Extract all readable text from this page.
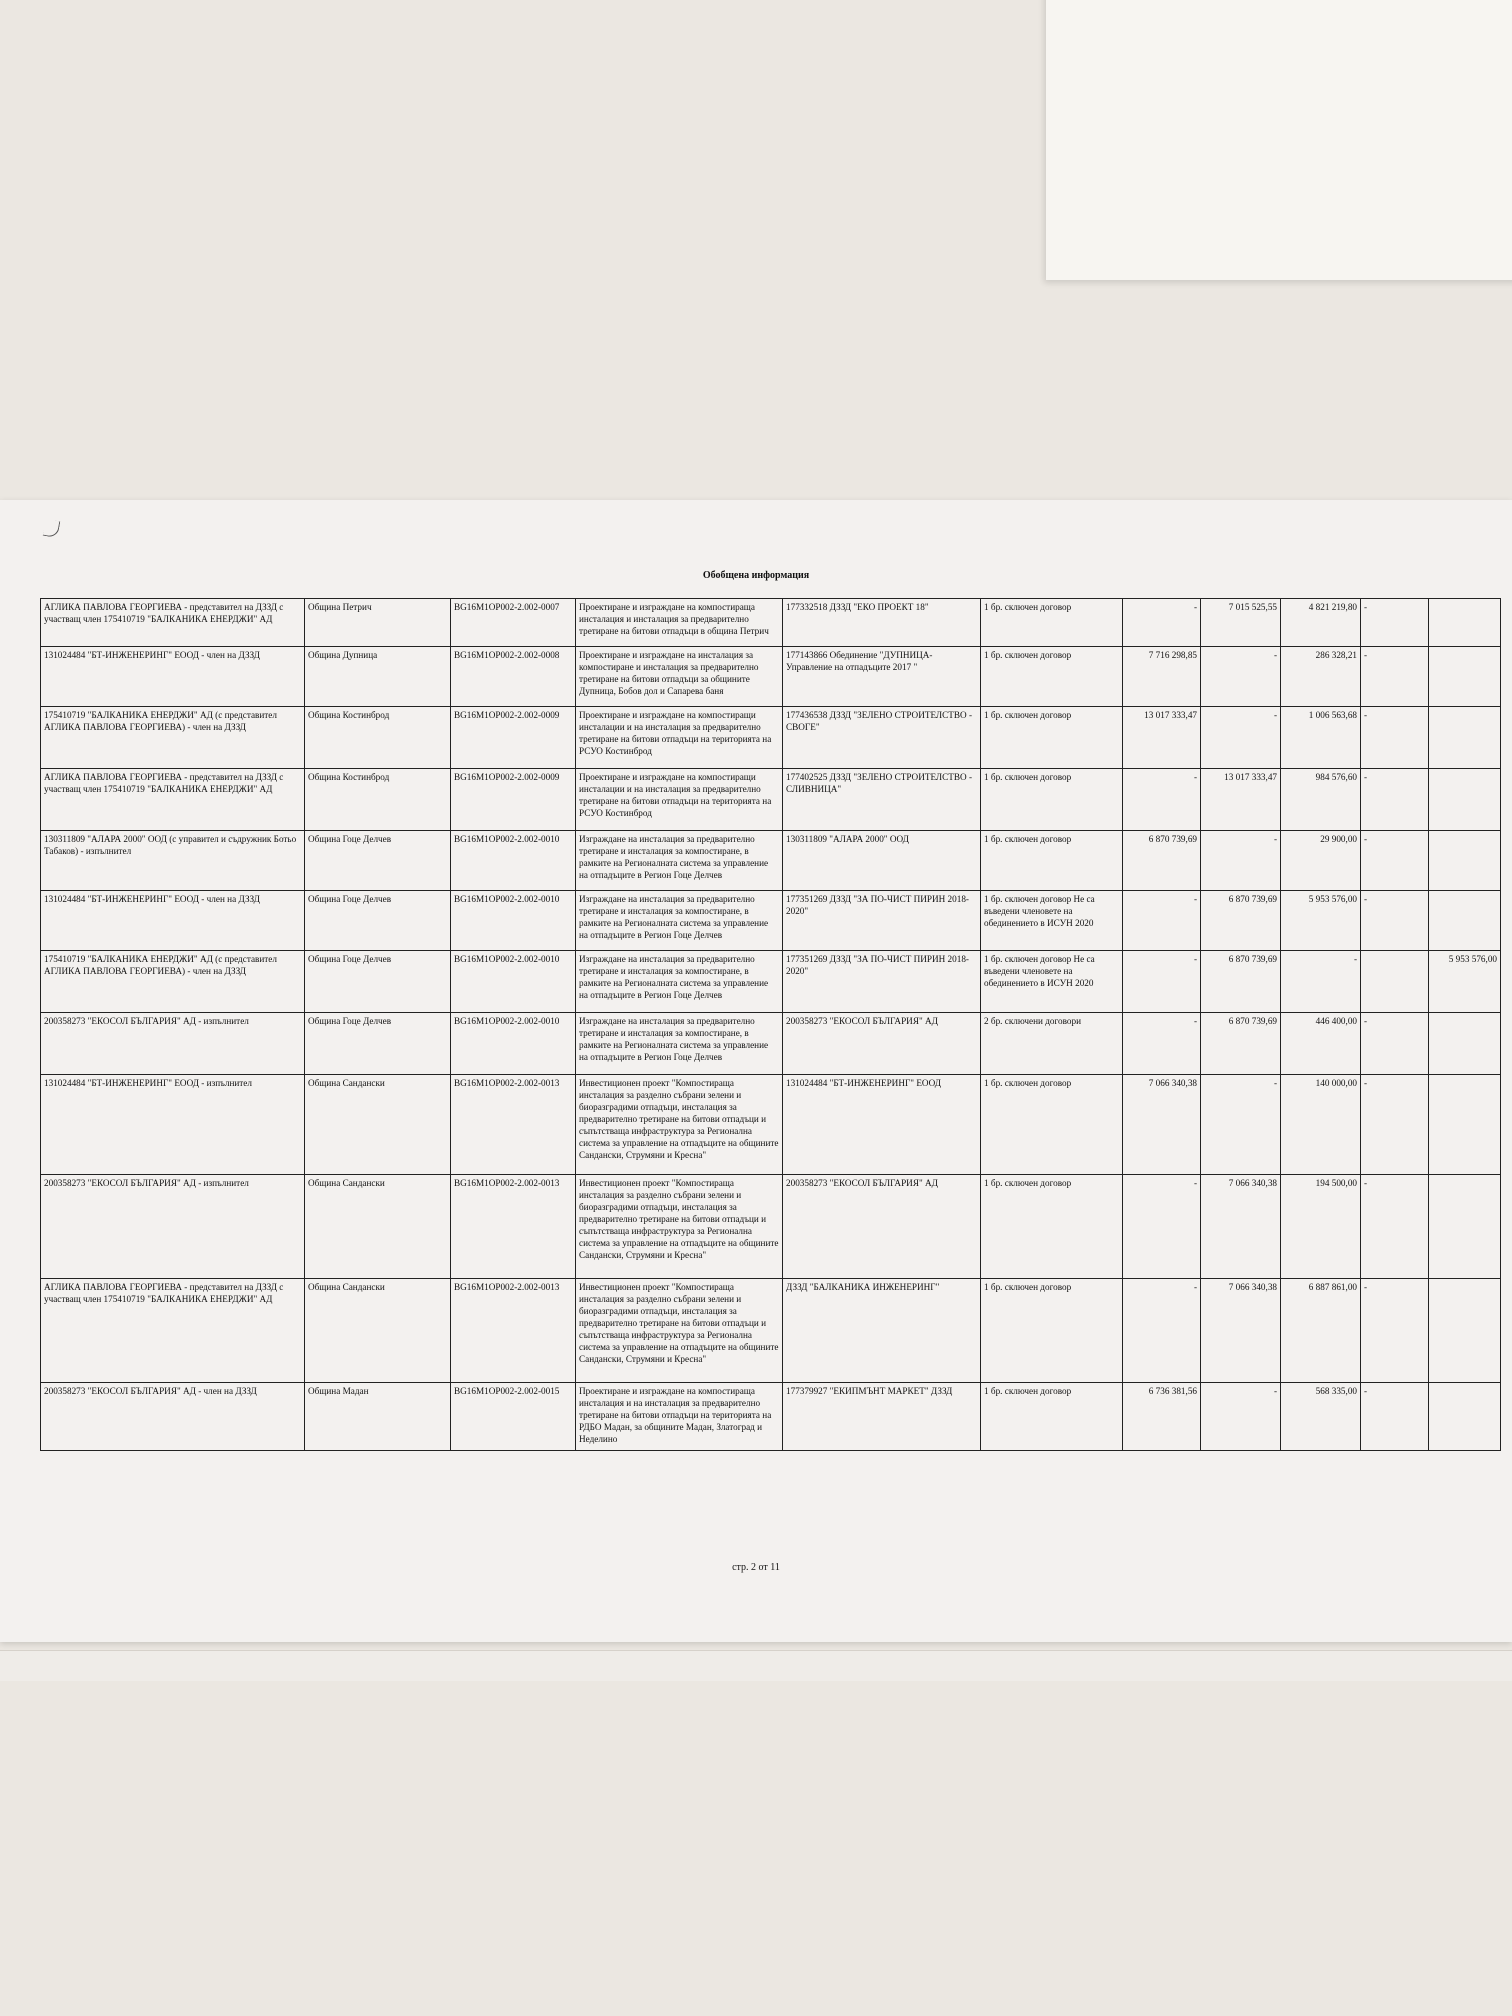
Обобщена информация
АГЛИКА ПАВЛОВА ГЕОРГИЕВА - представител на ДЗЗД с участващ член 175410719 "БАЛКАНИКА ЕНЕРДЖИ" АД	Община Петрич	BG16M1OP002-2.002-0007	Проектиране и изграждане на компостираща инсталация и инсталация за предварително третиране на битови отпадъци в община Петрич	177332518 ДЗЗД "ЕКО ПРОЕКТ 18"	1 бр. сключен договор	-	7 015 525,55	4 821 219,80	-	
131024484 "БТ-ИНЖЕНЕРИНГ" ЕООД - член на ДЗЗД	Община Дупница	BG16M1OP002-2.002-0008	Проектиране и изграждане на инсталация за компостиране и инсталация за предварително третиране на битови отпадъци за общините Дупница, Бобов дол и Сапарева баня	177143866 Обединение "ДУПНИЦА-Управление на отпадъците 2017 "	1 бр. сключен договор	7 716 298,85	-	286 328,21	-	
175410719 "БАЛКАНИКА ЕНЕРДЖИ" АД (с представител АГЛИКА ПАВЛОВА ГЕОРГИЕВА) - член на ДЗЗД	Община Костинброд	BG16M1OP002-2.002-0009	Проектиране и изграждане на компостиращи инсталации и на инсталация за предварително третиране на битови отпадъци на територията на РСУО Костинброд	177436538 ДЗЗД "ЗЕЛЕНО СТРОИТЕЛСТВО - СВОГЕ"	1 бр. сключен договор	13 017 333,47	-	1 006 563,68	-	
АГЛИКА ПАВЛОВА ГЕОРГИЕВА - представител на ДЗЗД с участващ член 175410719 "БАЛКАНИКА ЕНЕРДЖИ" АД	Община Костинброд	BG16M1OP002-2.002-0009	Проектиране и изграждане на компостиращи инсталации и на инсталация за предварително третиране на битови отпадъци на територията на РСУО Костинброд	177402525 ДЗЗД "ЗЕЛЕНО СТРОИТЕЛСТВО - СЛИВНИЦА"	1 бр. сключен договор	-	13 017 333,47	984 576,60	-	
130311809 "АЛАРА 2000" ООД (с управител и съдружник Ботьо Табаков) - изпълнител	Община Гоце Делчев	BG16M1OP002-2.002-0010	Изграждане на инсталация за предварително третиране и инсталация за компостиране, в рамките на Регионалната система за управление на отпадъците в Регион Гоце Делчев	130311809 "АЛАРА 2000" ООД	1 бр. сключен договор	6 870 739,69	-	29 900,00	-	
131024484 "БТ-ИНЖЕНЕРИНГ" ЕООД - член на ДЗЗД	Община Гоце Делчев	BG16M1OP002-2.002-0010	Изграждане на инсталация за предварително третиране и инсталация за компостиране, в рамките на Регионалната система за управление на отпадъците в Регион Гоце Делчев	177351269 ДЗЗД "ЗА ПО-ЧИСТ ПИРИН 2018-2020"	1 бр. сключен договор Не са въведени членовете на обединението в ИСУН 2020	-	6 870 739,69	5 953 576,00	-	
175410719 "БАЛКАНИКА ЕНЕРДЖИ" АД (с представител АГЛИКА ПАВЛОВА ГЕОРГИЕВА) - член на ДЗЗД	Община Гоце Делчев	BG16M1OP002-2.002-0010	Изграждане на инсталация за предварително третиране и инсталация за компостиране, в рамките на Регионалната система за управление на отпадъците в Регион Гоце Делчев	177351269 ДЗЗД "ЗА ПО-ЧИСТ ПИРИН 2018-2020"	1 бр. сключен договор Не са въведени членовете на обединението в ИСУН 2020	-	6 870 739,69	-		5 953 576,00
200358273 "ЕКОСОЛ БЪЛГАРИЯ" АД - изпълнител	Община Гоце Делчев	BG16M1OP002-2.002-0010	Изграждане на инсталация за предварително третиране и инсталация за компостиране, в рамките на Регионалната система за управление на отпадъците в Регион Гоце Делчев	200358273 "ЕКОСОЛ БЪЛГАРИЯ" АД	2 бр. сключени договори	-	6 870 739,69	446 400,00	-	
131024484 "БТ-ИНЖЕНЕРИНГ" ЕООД - изпълнител	Община Сандански	BG16M1OP002-2.002-0013	Инвестиционен проект "Компостираща инсталация за разделно събрани зелени и биоразградими отпадъци, инсталация за предварително третиране на битови отпадъци и съпътстваща инфраструктура за Регионална система за управление на отпадъците на общините Сандански, Струмяни и Кресна"	131024484 "БТ-ИНЖЕНЕРИНГ" ЕООД	1 бр. сключен договор	7 066 340,38	-	140 000,00	-	
200358273 "ЕКОСОЛ БЪЛГАРИЯ" АД - изпълнител	Община Сандански	BG16M1OP002-2.002-0013	Инвестиционен проект "Компостираща инсталация за разделно събрани зелени и биоразградими отпадъци, инсталация за предварително третиране на битови отпадъци и съпътстваща инфраструктура за Регионална система за управление на отпадъците на общините Сандански, Струмяни и Кресна"	200358273 "ЕКОСОЛ БЪЛГАРИЯ" АД	1 бр. сключен договор	-	7 066 340,38	194 500,00	-	
АГЛИКА ПАВЛОВА ГЕОРГИЕВА - представител на ДЗЗД с участващ член 175410719 "БАЛКАНИКА ЕНЕРДЖИ" АД	Община Сандански	BG16M1OP002-2.002-0013	Инвестиционен проект "Компостираща инсталация за разделно събрани зелени и биоразградими отпадъци, инсталация за предварително третиране на битови отпадъци и съпътстваща инфраструктура за Регионална система за управление на отпадъците на общините Сандански, Струмяни и Кресна"	ДЗЗД "БАЛКАНИКА ИНЖЕНЕРИНГ"	1 бр. сключен договор	-	7 066 340,38	6 887 861,00	-	
200358273 "ЕКОСОЛ БЪЛГАРИЯ" АД - член на ДЗЗД	Община Мадан	BG16M1OP002-2.002-0015	Проектиране и изграждане на компостираща инсталация и на инсталация за предварително третиране на битови отпадъци на територията на РДБО Мадан, за общините Мадан, Златоград и Неделино	177379927 "ЕКИПМЪНТ МАРКЕТ" ДЗЗД	1 бр. сключен договор	6 736 381,56	-	568 335,00	-	
стр. 2 от 11
